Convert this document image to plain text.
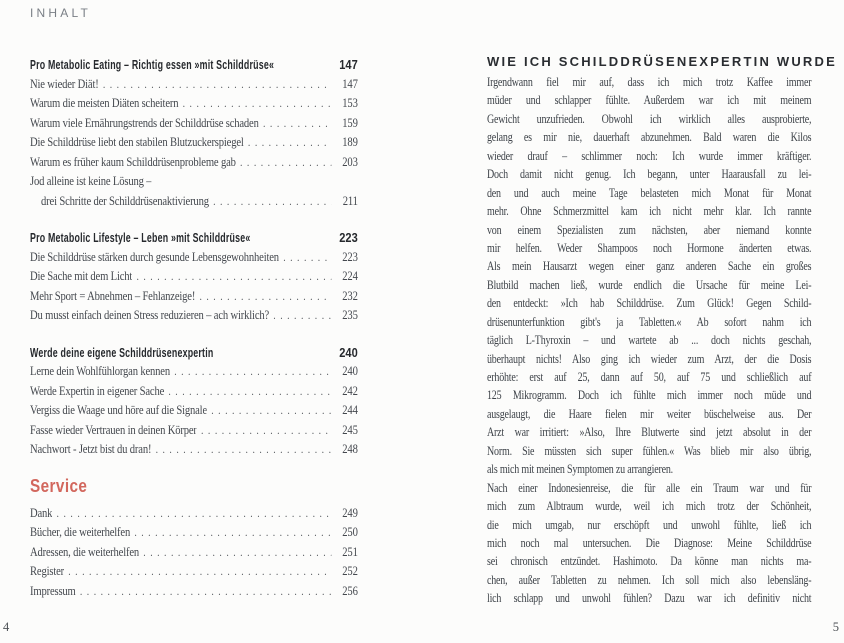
INHALT
Pro Metabolic Eating – Richtig essen »mit Schilddrüse«	147
Nie wieder Diät! . . .	147
Warum die meisten Diäten scheitern . . .	153
Warum viele Ernährungstrends der Schilddrüse schaden . . .	159
Die Schilddrüse liebt den stabilen Blutzuckerspiegel . . .	189
Warum es früher kaum Schilddrüsenprobleme gab . . .	203
Jod alleine ist keine Lösung –
drei Schritte der Schilddrüsenaktivierung . . .	211
Pro Metabolic Lifestyle – Leben »mit Schilddrüse«	223
Die Schilddrüse stärken durch gesunde Lebensgewohnheiten . . .	223
Die Sache mit dem Licht . . .	224
Mehr Sport = Abnehmen – Fehlanzeige! . . .	232
Du musst einfach deinen Stress reduzieren – ach wirklich? . . .	235
Werde deine eigene Schilddrüsenexpertin	240
Lerne dein Wohlfühlorgan kennen . . .	240
Werde Expertin in eigener Sache . . .	242
Vergiss die Waage und höre auf die Signale . . .	244
Fasse wieder Vertrauen in deinen Körper . . .	245
Nachwort - Jetzt bist du dran! . . .	248
Service
Dank . . .	249
Bücher, die weiterhelfen . . .	250
Adressen, die weiterhelfen . . .	251
Register . . .	252
Impressum . . .	256
WIE ICH SCHILDDRÜSENEXPERTIN WURDE
Irgendwann fiel mir auf, dass ich mich trotz Kaffee immer
müder und schlapper fühlte. Außerdem war ich mit meinem
Gewicht unzufrieden. Obwohl ich wirklich alles ausprobierte,
gelang es mir nie, dauerhaft abzunehmen. Bald waren die Kilos
wieder drauf – schlimmer noch: Ich wurde immer kräftiger.
Doch damit nicht genug. Ich begann, unter Haarausfall zu lei-
den und auch meine Tage belasteten mich Monat für Monat
mehr. Ohne Schmerzmittel kam ich nicht mehr klar. Ich rannte
von einem Spezialisten zum nächsten, aber niemand konnte
mir helfen. Weder Shampoos noch Hormone änderten etwas.
Als mein Hausarzt wegen einer ganz anderen Sache ein großes
Blutbild machen ließ, wurde endlich die Ursache für meine Lei-
den entdeckt: »Ich hab Schilddrüse. Zum Glück! Gegen Schild-
drüsenunterfunktion gibt's ja Tabletten.« Ab sofort nahm ich
täglich L-Thyroxin – und wartete ab ... doch nichts geschah,
überhaupt nichts! Also ging ich wieder zum Arzt, der die Dosis
erhöhte: erst auf 25, dann auf 50, auf 75 und schließlich auf
125 Mikrogramm. Doch ich fühlte mich immer noch müde und
ausgelaugt, die Haare fielen mir weiter büschelweise aus. Der
Arzt war irritiert: »Also, Ihre Blutwerte sind jetzt absolut in der
Norm. Sie müssten sich super fühlen.« Was blieb mir also übrig,
als mich mit meinen Symptomen zu arrangieren.
Nach einer Indonesienreise, die für alle ein Traum war und für
mich zum Albtraum wurde, weil ich mich trotz der Schönheit,
die mich umgab, nur erschöpft und unwohl fühlte, ließ ich
mich noch mal untersuchen. Die Diagnose: Meine Schilddrüse
sei chronisch entzündet. Hashimoto. Da könne man nichts ma-
chen, außer Tabletten zu nehmen. Ich soll mich also lebensläng-
lich schlapp und unwohl fühlen? Dazu war ich definitiv nicht
4	5
